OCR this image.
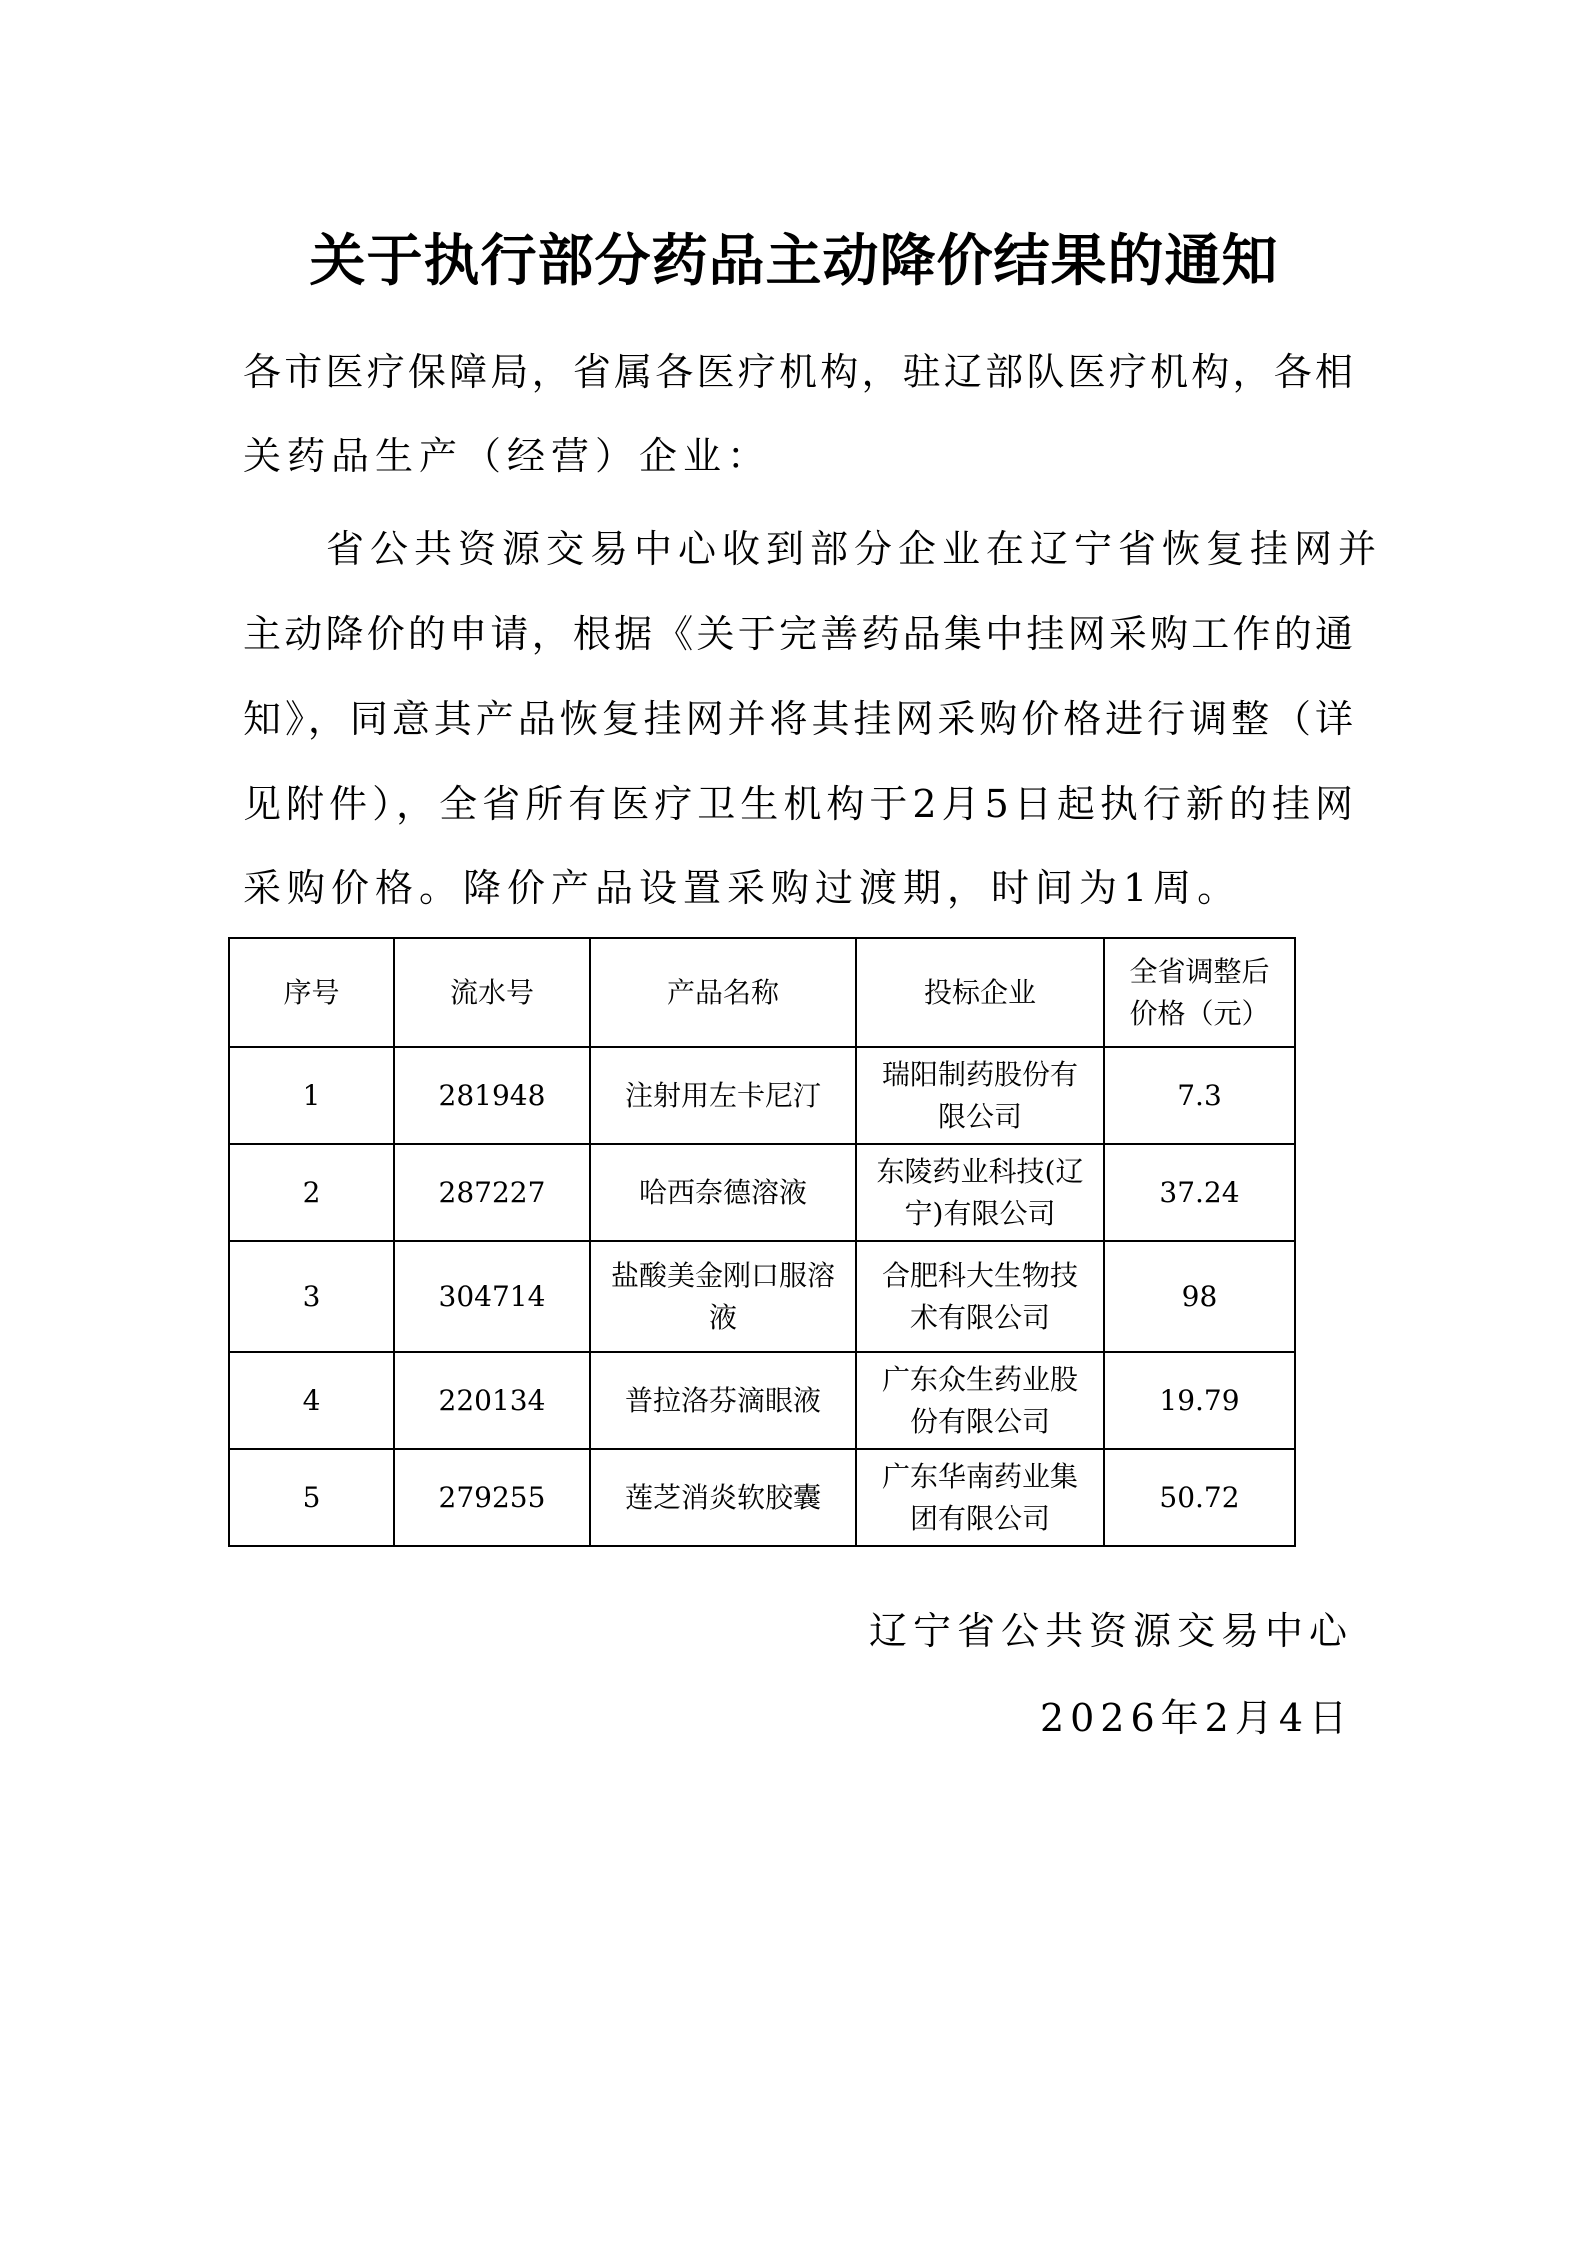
关于执行部分药品主动降价结果的通知
各市医疗保障局，省属各医疗机构，驻辽部队医疗机构，各相
关药品生产（经营）企业：
省公共资源交易中心收到部分企业在辽宁省恢复挂网并
主动降价的申请，根据《关于完善药品集中挂网采购工作的通
知》，同意其产品恢复挂网并将其挂网采购价格进行调整（详
见附件），全省所有医疗卫生机构于2月5日起执行新的挂网
采购价格。降价产品设置采购过渡期，时间为1周。
序号	流水号	产品名称	投标企业	全省调整后
价格（元）
1	281948	注射用左卡尼汀	瑞阳制药股份有限公司	7.3
2	287227	哈西奈德溶液	东陵药业科技(辽宁)有限公司	37.24
3	304714	盐酸美金刚口服溶液	合肥科大生物技术有限公司	98
4	220134	普拉洛芬滴眼液	广东众生药业股份有限公司	19.79
5	279255	莲芝消炎软胶囊	广东华南药业集团有限公司	50.72
辽宁省公共资源交易中心
2026年2月4日
